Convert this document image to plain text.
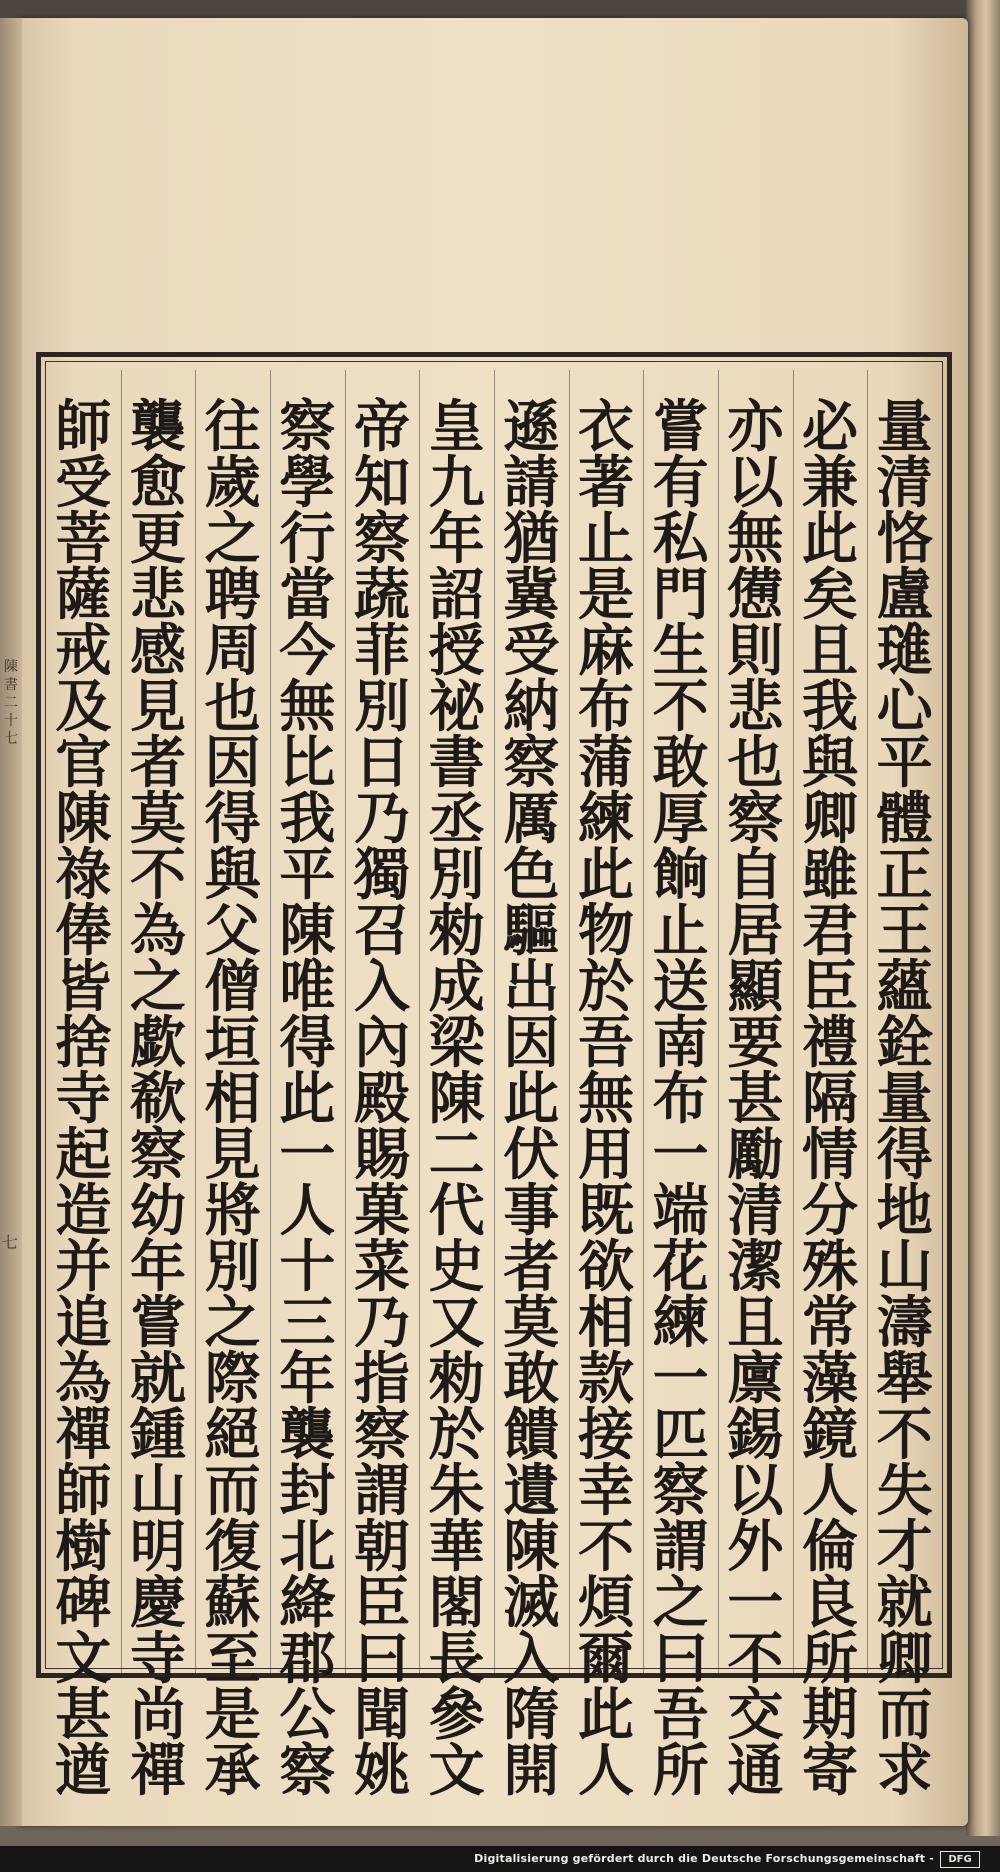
陳
書
二
十
七
七
量
清
恪
盧
璡
心
平
體
正
王
蘊
銓
量
得
地
山
濤
舉
不
失
才
就
卿
而
求
必
兼
此
矣
且
我
與
卿
雖
君
臣
禮
隔
情
分
殊
常
藻
鏡
人
倫
良
所
期
寄
亦
以
無
憊
則
悲
也
察
自
居
顯
要
甚
勵
清
潔
且
廪
錫
以
外
一
不
交
通
嘗
有
私
門
生
不
敢
厚
餉
止
送
南
布
一
端
花
練
一
匹
察
謂
之
曰
吾
所
衣
著
止
是
麻
布
蒲
練
此
物
於
吾
無
用
既
欲
相
款
接
幸
不
煩
爾
此
人
遜
請
猶
冀
受
納
察
厲
色
驅
出
因
此
伏
事
者
莫
敢
饋
遺
陳
滅
入
隋
開
皇
九
年
詔
授
祕
書
丞
別
勑
成
梁
陳
二
代
史
又
勑
於
朱
華
閣
長
參
文
帝
知
察
蔬
菲
別
日
乃
獨
召
入
內
殿
賜
菓
菜
乃
指
察
謂
朝
臣
曰
聞
姚
察
學
行
當
今
無
比
我
平
陳
唯
得
此
一
人
十
三
年
襲
封
北
絳
郡
公
察
往
歲
之
聘
周
也
因
得
與
父
僧
垣
相
見
將
別
之
際
絕
而
復
蘇
至
是
承
襲
愈
更
悲
感
見
者
莫
不
為
之
歔
欷
察
幼
年
嘗
就
鍾
山
明
慶
寺
尚
禪
師
受
菩
薩
戒
及
官
陳
祿
俸
皆
捨
寺
起
造
并
追
為
禪
師
樹
碑
文
甚
遒
Digitalisierung gefördert durch die Deutsche Forschungsgemeinschaft -	DFG
